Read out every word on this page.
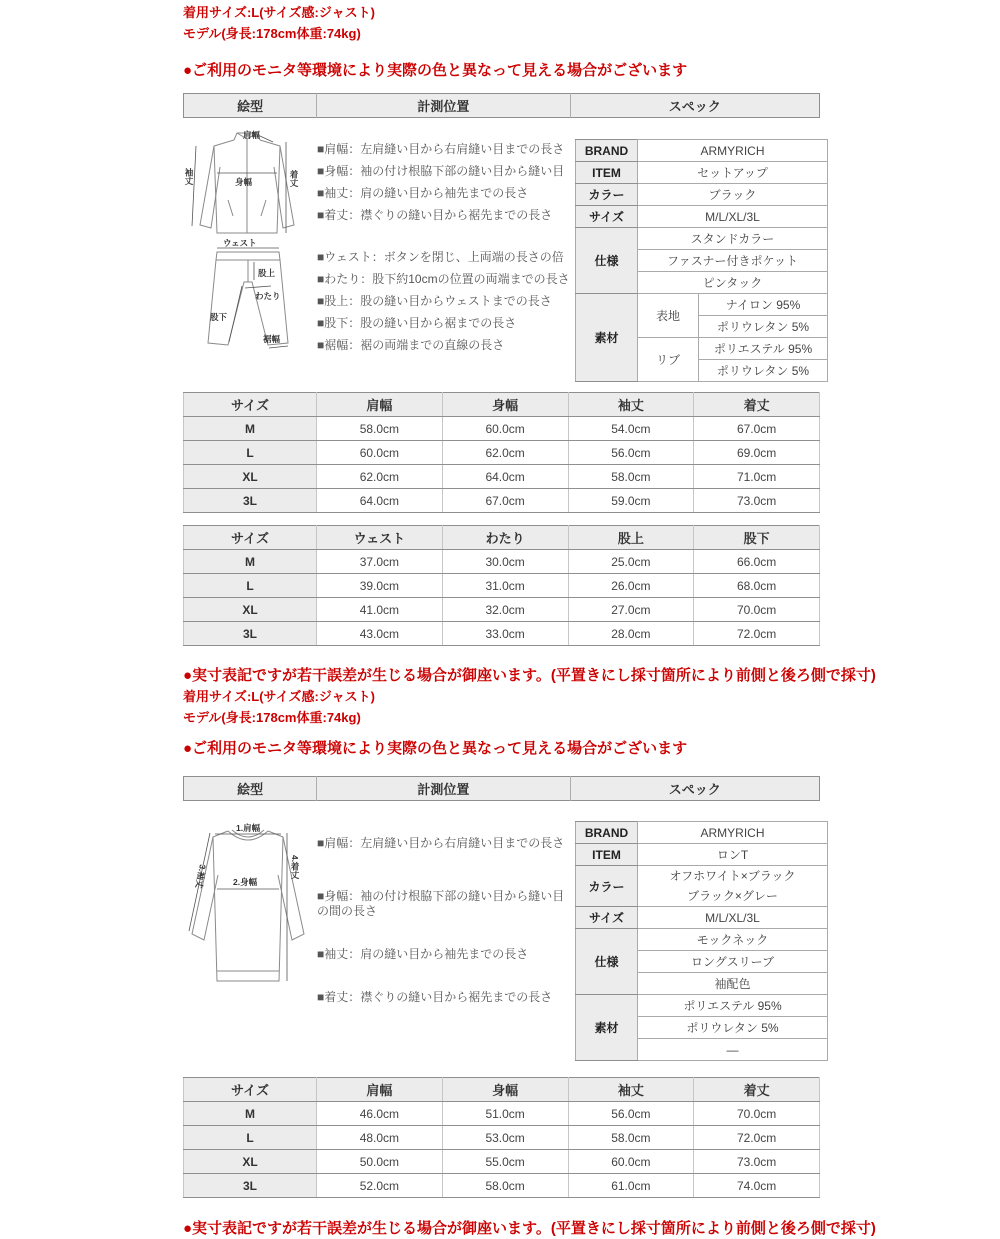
着用サイズ:L(サイズ感:ジャスト)

モデル(身長:178cm体重:74kg)

●ご利用のモニタ等環境により実際の色と異なって見える場合がございます

絵型	計測位置	スペック
肩幅
袖丈	身幅	着丈
ウェスト
股上
わたり
股下
裾幅

■肩幅：左肩縫い目から右肩縫い目までの長さ

■身幅：袖の付け根脇下部の縫い目から縫い目

■袖丈：肩の縫い目から袖先までの長さ

■着丈：襟ぐりの縫い目から裾先までの長さ

■ウェスト：ボタンを閉じ、上両端の長さの倍

■わたり：股下約10cmの位置の両端までの長さ

■股上：股の縫い目からウェストまでの長さ

■股下：股の縫い目から裾までの長さ

■裾幅：裾の両端までの直線の長さ

BRAND	ARMYRICH	
ITEM	セットアップ	
カラー	ブラック	
サイズ	M/L/XL/3L	
仕様	スタンドカラー	
	ファスナー付きポケット	
	ピンタック	
素材	表地	ナイロン 95%
		ポリウレタン 5%
	リブ	ポリエステル 95%
		ポリウレタン 5%
サイズ	肩幅	身幅	袖丈	着丈
M	58.0cm	60.0cm	54.0cm	67.0cm
L	60.0cm	62.0cm	56.0cm	69.0cm
XL	62.0cm	64.0cm	58.0cm	71.0cm
3L	64.0cm	67.0cm	59.0cm	73.0cm
サイズ	ウェスト	わたり	股上	股下
M	37.0cm	30.0cm	25.0cm	66.0cm
L	39.0cm	31.0cm	26.0cm	68.0cm
XL	41.0cm	32.0cm	27.0cm	70.0cm
3L	43.0cm	33.0cm	28.0cm	72.0cm

●実寸表記ですが若干誤差が生じる場合が御座います。(平置きにし採寸箇所により前側と後ろ側で採寸)

着用サイズ:L(サイズ感:ジャスト)

モデル(身長:178cm体重:74kg)

●ご利用のモニタ等環境により実際の色と異なって見える場合がございます

絵型	計測位置	スペック
1.肩幅
2.身幅
3.袖丈	4.着丈

■肩幅：左肩縫い目から右肩縫い目までの長さ

■身幅：袖の付け根脇下部の縫い目から縫い目の間の長さ

■袖丈：肩の縫い目から袖先までの長さ

■着丈：襟ぐりの縫い目から裾先までの長さ

BRAND	ARMYRICH
ITEM	ロンT
カラー	オフホワイト×ブラック
ブラック×グレー

サイズ	M/L/XL/3L
仕様	モックネック
	ロングスリーブ
	袖配色
素材	ポリエステル 95%
	ポリウレタン 5%
	—
サイズ	肩幅	身幅	袖丈	着丈
M	46.0cm	51.0cm	56.0cm	70.0cm
L	48.0cm	53.0cm	58.0cm	72.0cm
XL	50.0cm	55.0cm	60.0cm	73.0cm
3L	52.0cm	58.0cm	61.0cm	74.0cm

●実寸表記ですが若干誤差が生じる場合が御座います。(平置きにし採寸箇所により前側と後ろ側で採寸)
